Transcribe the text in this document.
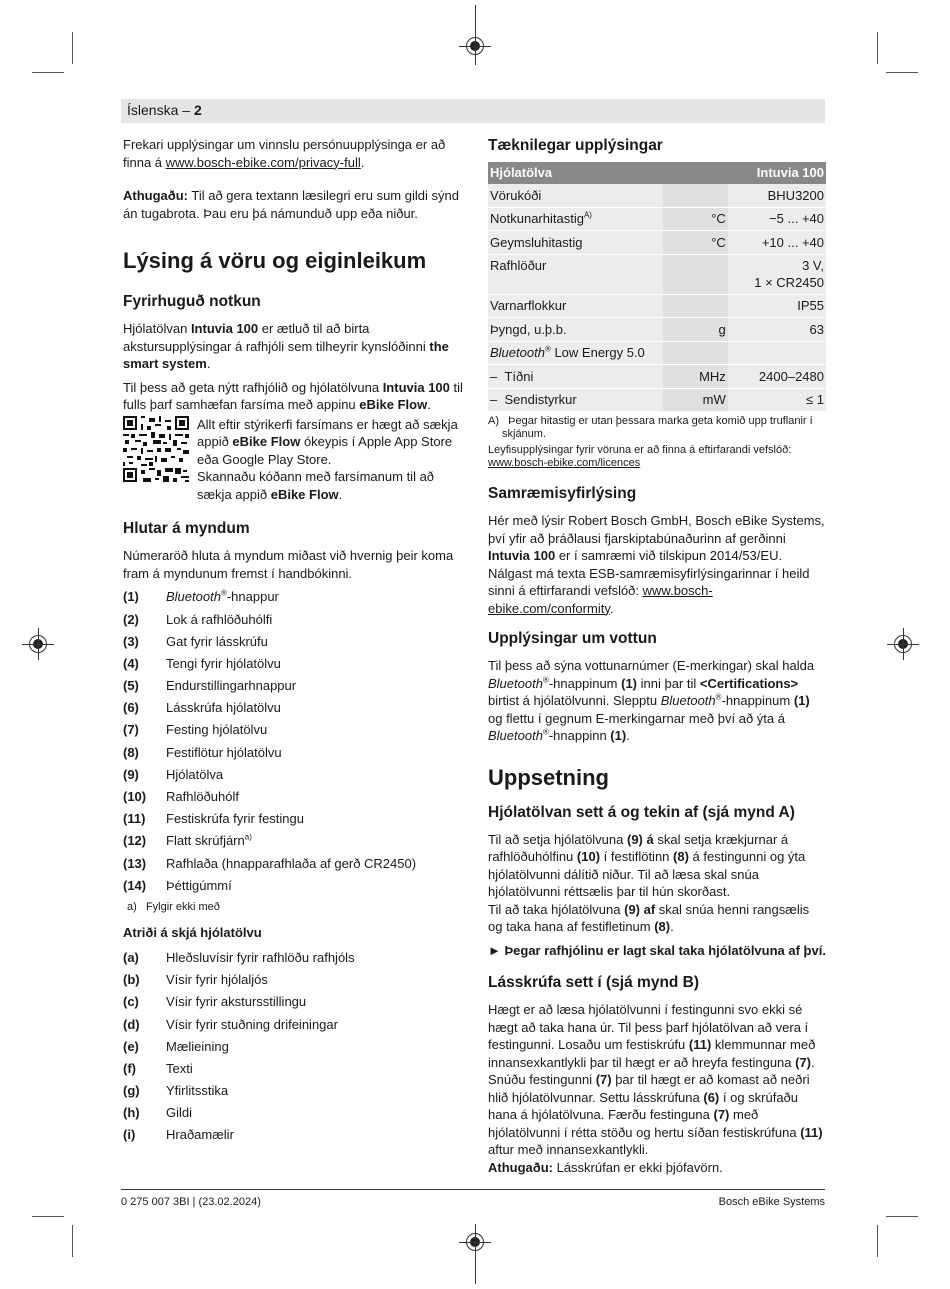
Íslenska – 2

Frekari upplýsingar um vinnslu persónuupplýsinga er að finna á www.bosch-ebike.com/privacy-full.

Athugaðu: Til að gera textann læsilegri eru sum gildi sýnd án tugabrota. Þau eru þá námunduð upp eða niður.

Lýsing á vöru og eiginleikum
Fyrirhuguð notkun

Hjólatölvan Intuvia 100 er ætluð til að birta akstursupplýsingar á rafhjóli sem tilheyrir kynslóðinni the smart system.

Til þess að geta nýtt rafhjólið og hjólatölvuna Intuvia 100 til fulls þarf samhæfan farsíma með appinu eBike Flow.

Allt eftir stýrikerfi farsímans er hægt að sækja appið eBike Flow ókeypis í Apple App Store eða Google Play Store.

Skannaðu kóðann með farsímanum til að sækja appið eBike Flow.

Hlutar á myndum

Númeraröð hluta á myndum miðast við hvernig þeir koma fram á myndunum fremst í handbókinni.

(1)	Bluetooth®-hnappur
(2)	Lok á rafhlöðuhólfi
(3)	Gat fyrir lásskrúfu
(4)	Tengi fyrir hjólatölvu
(5)	Endurstillingarhnappur
(6)	Lásskrúfa hjólatölvu
(7)	Festing hjólatölvu
(8)	Festiflötur hjólatölvu
(9)	Hjólatölva
(10)	Rafhlöðuhólf
(11)	Festiskrúfa fyrir festingu
(12)	Flatt skrúfjárn$^{a)}$
(13)	Rafhlaða (hnapparafhlaða af gerð CR2450)
(14)	Þéttigúmmí
a)   Fylgir ekki með
Atriði á skjá hjólatölvu
(a)	Hleðsluvísir fyrir rafhlöðu rafhjóls
(b)	Vísir fyrir hjólaljós
(c)	Vísir fyrir akstursstillingu
(d)	Vísir fyrir stuðning drifeiningar
(e)	Mælieining
(f)	Texti
(g)	Yfirlitsstika
(h)	Gildi
(i)	Hraðamælir
Tæknilegar upplýsingar
Hjólatölva		Intuvia 100
Vörukóði		BHU3200

Notkunarhitastig$^{A)}$	°C	−5 ... +40

Geymsluhitastig	°C	+10 ... +40

Rafhlöður		3 V,
1 × CR2450

Varnarflokkur		IP55

Þyngd, u.þ.b.	g	63

Bluetooth® Low Energy 5.0		

–  Tíðni	MHz	2400–2480

–  Sendistyrkur	mW	≤ 1
A)   Þegar hitastig er utan þessara marka geta komið upp truflanir í skjánum.
Leyfisupplýsingar fyrir vöruna er að finna á eftirfarandi vefslóð:
www.bosch-ebike.com/licences
Samræmisyfirlýsing

Hér með lýsir Robert Bosch GmbH, Bosch eBike Systems, því yfir að þráðlausi fjarskiptabúnaðurinn af gerðinni Intuvia 100 er í samræmi við tilskipun 2014/53/EU. Nálgast má texta ESB-samræmisyfirlýsingarinnar í heild sinni á eftirfarandi vefslóð: www.bosch-ebike.com/conformity.

Upplýsingar um vottun

Til þess að sýna vottunarnúmer (E-merkingar) skal halda Bluetooth®-hnappinum (1) inni þar til <Certifications> birtist á hjólatölvunni. Slepptu Bluetooth®-hnappinum (1) og flettu í gegnum E-merkingarnar með því að ýta á Bluetooth®-hnappinn (1).

Uppsetning
Hjólatölvan sett á og tekin af (sjá mynd A)

Til að setja hjólatölvuna (9) á skal setja krækjurnar á rafhlöðuhólfinu (10) í festiflötinn (8) á festingunni og ýta hjólatölvunni dálítið niður. Til að læsa skal snúa hjólatölvunni réttsælis þar til hún skorðast.

Til að taka hjólatölvuna (9) af skal snúa henni rangsælis og taka hana af festifletinum (8).

► Þegar rafhjólinu er lagt skal taka hjólatölvuna af því.

Lásskrúfa sett í (sjá mynd B)

Hægt er að læsa hjólatölvunni í festingunni svo ekki sé hægt að taka hana úr. Til þess þarf hjólatölvan að vera í festingunni. Losaðu um festiskrúfu (11) klemmunnar með innansexkantlykli þar til hægt er að hreyfa festinguna (7). Snúðu festingunni (7) þar til hægt er að komast að neðri hlið hjólatölvunnar. Settu lásskrúfuna (6) í og skrúfaðu hana á hjólatölvuna. Færðu festinguna (7) með hjólatölvunni í rétta stöðu og hertu síðan festiskrúfuna (11) aftur með innansexkantlykli.

Athugaðu: Lásskrúfan er ekki þjófavörn.

0 275 007 3BI | (23.02.2024)	Bosch eBike Systems
